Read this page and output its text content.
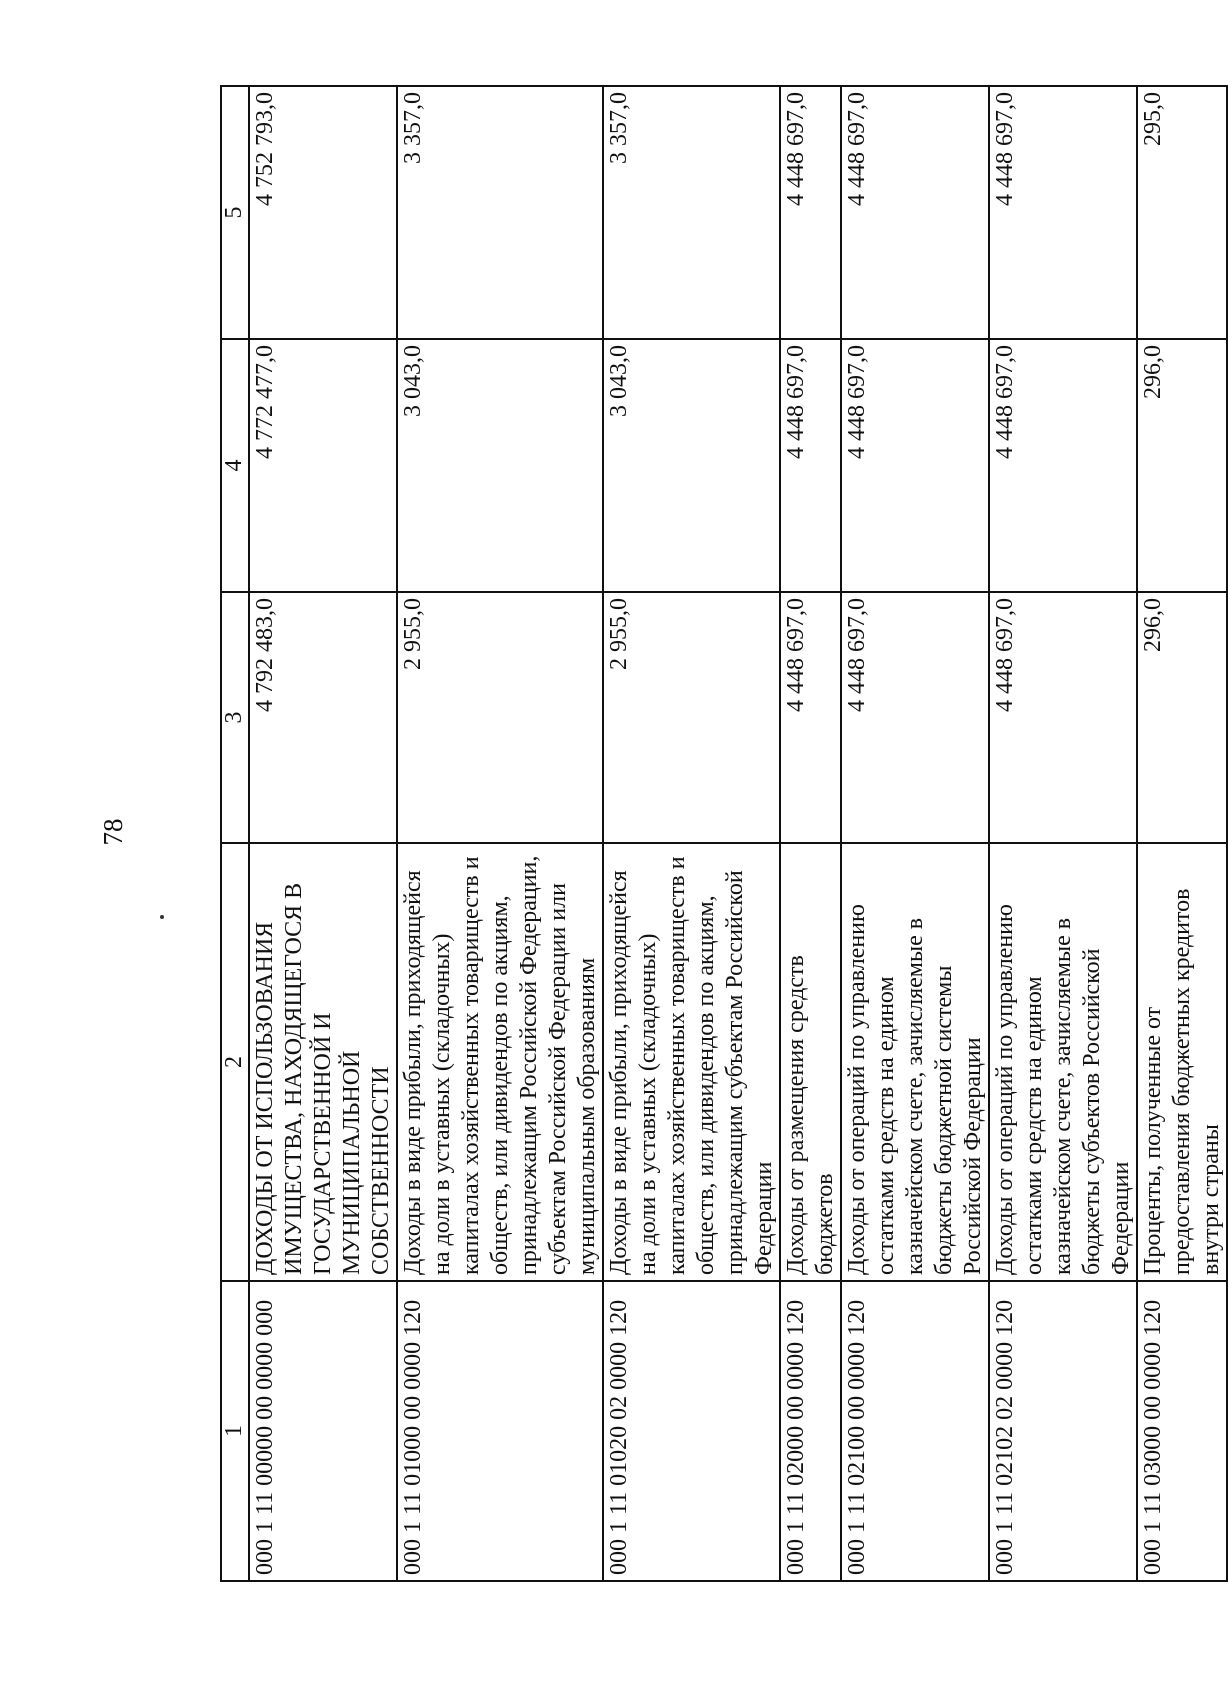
78
1	2	3	4	5
000 1 11 00000 00 0000 000	ДОХОДЫ ОТ ИСПОЛЬЗОВАНИЯ ИМУЩЕСТВА, НАХОДЯЩЕГОСЯ В ГОСУДАРСТВЕННОЙ И МУНИЦИПАЛЬНОЙ СОБСТВЕННОСТИ	4 792 483,0	4 772 477,0	4 752 793,0
000 1 11 01000 00 0000 120	Доходы в виде прибыли, приходящейся на доли в уставных (складочных) капиталах хозяйственных товариществ и обществ, или дивидендов по акциям, принадлежащим Российской Федерации, субъектам Российской Федерации или муниципальным образованиям	2 955,0	3 043,0	3 357,0
000 1 11 01020 02 0000 120	Доходы в виде прибыли, приходящейся на доли в уставных (складочных) капиталах хозяйственных товариществ и обществ, или дивидендов по акциям, принадлежащим субъектам Российской Федерации	2 955,0	3 043,0	3 357,0
000 1 11 02000 00 0000 120	Доходы от размещения средств бюджетов	4 448 697,0	4 448 697,0	4 448 697,0
000 1 11 02100 00 0000 120	Доходы от операций по управлению остатками средств на едином казначейском счете, зачисляемые в бюджеты бюджетной системы Российской Федерации	4 448 697,0	4 448 697,0	4 448 697,0
000 1 11 02102 02 0000 120	Доходы от операций по управлению остатками средств на едином казначейском счете, зачисляемые в бюджеты субъектов Российской Федерации	4 448 697,0	4 448 697,0	4 448 697,0
000 1 11 03000 00 0000 120	Проценты, полученные от предоставления бюджетных кредитов внутри страны	296,0	296,0	295,0
